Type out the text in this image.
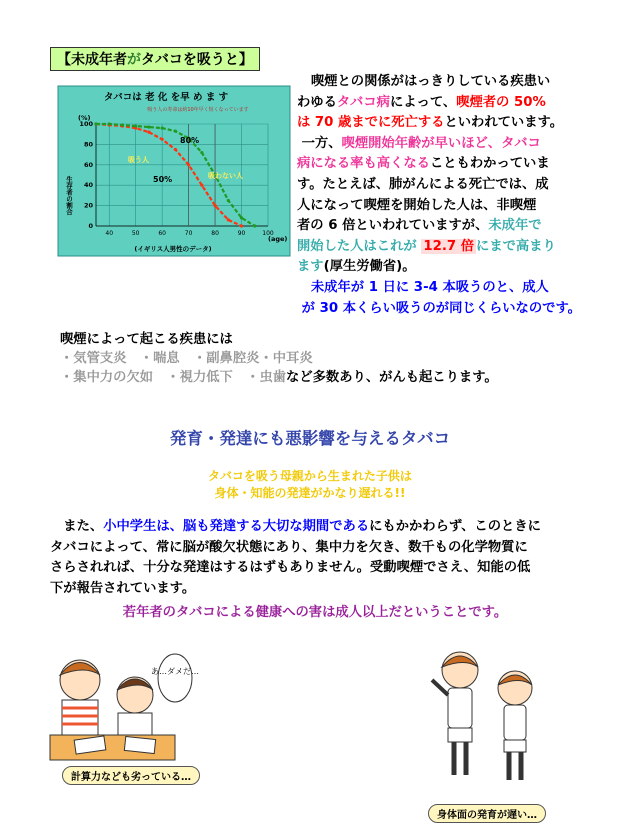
【未成年者がタバコを吸うと】
タバコは 老 化 を早 め ま す
吸う人の寿命は約10年早く短くなっています
(%)
(age)
生存者の割合
(イギリス人男性のデータ)
100
80
60
40
20
0
40	50	60	70	80	90	100
80%
50%
吸う人
吸わない人

喫煙との関係がはっきりしている疾患い

わゆるタバコ病によって、喫煙者の 50%

は 70 歳までに死亡するといわれています。

一方、喫煙開始年齢が早いほど、タバコ

病になる率も高くなることもわかっていま

す。たとえば、肺がんによる死亡では、成

人になって喫煙を開始した人は、非喫煙

者の 6 倍といわれていますが、未成年で

開始した人はこれが 12.7 倍 にまで高まり

ます(厚生労働省)。

未成年が 1 日に 3-4 本吸うのと、成人

が 30 本くらい吸うのが同じくらいなのです。

喫煙によって起こる疾患には
・気管支炎　・喘息　・副鼻腔炎・中耳炎
・集中力の欠如　・視力低下　・虫歯など多数あり、がんも起こります。
発育・発達にも悪影響を与えるタバコ
タバコを吸う母親から生まれた子供は
身体・知能の発達がかなり遅れる!!

　また、小中学生は、脳も発達する大切な期間であるにもかかわらず、このときに

タバコによって、常に脳が酸欠状態にあり、集中力を欠き、数千もの化学物質に

さらされれば、十分な発達はするはずもありません。受動喫煙でさえ、知能の低

下が報告されています。

若年者のタバコによる健康への害は成人以上だということです。
あ…ダメだ…
計算力なども劣っている…
身体面の発育が遅い…
